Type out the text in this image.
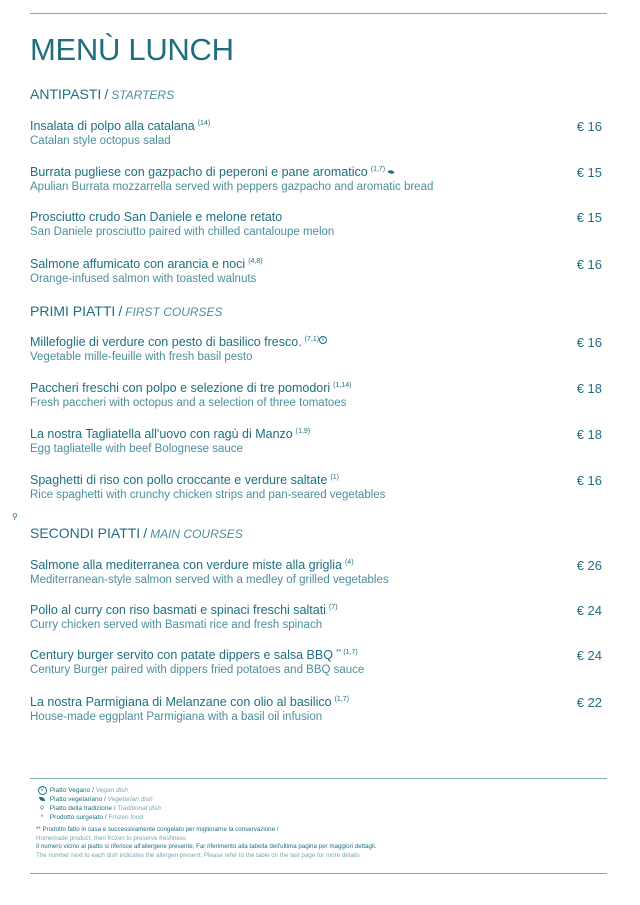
MENÙ LUNCH
ANTIPASTI / STARTERS
Insalata di polpo alla catalana $^{(14)}$
Catalan style octopus salad
€ 16
Burrata pugliese con gazpacho di peperoni e pane aromatico $^{(1,7)}$
Apulian Burrata mozzarrella served with peppers gazpacho and aromatic bread
€ 15
Prosciutto crudo San Daniele e melone retato
San Daniele prosciutto paired with chilled cantaloupe melon
€ 15
Salmone affumicato con arancia e noci $^{(4,8)}$
Orange-infused salmon with toasted walnuts
€ 16
PRIMI PIATTI / FIRST COURSES
Millefoglie di verdure con pesto di basilico fresco. $^{(7,1)}$ V
Vegetable mille-feuille with fresh basil pesto
€ 16
Paccheri freschi con polpo e selezione di tre pomodori $^{(1,14)}$
Fresh paccheri with octopus and a selection of three tomatoes
€ 18
La nostra Tagliatella all'uovo con ragù di Manzo $^{(1,9)}$
Egg tagliatelle with beef Bolognese sauce
€ 18
Spaghetti di riso con pollo croccante e verdure saltate $^{(1)}$
Rice spaghetti with crunchy chicken strips and pan-seared vegetables
€ 16
⚲
SECONDI PIATTI / MAIN COURSES
Salmone alla mediterranea con verdure miste alla griglia $^{(4)}$
Mediterranean-style salmon served with a medley of grilled vegetables
€ 26
Pollo al curry con riso basmati e spinaci freschi saltati $^{(7)}$
Curry chicken served with Basmati rice and fresh spinach
€ 24
Century burger servito con patate dippers e salsa BBQ $^{** (1,7)}$
Century Burger paired with dippers fried potatoes and BBQ sauce
€ 24
La nostra Parmigiana di Melanzane con olio al basilico $^{(1,7)}$
House-made eggplant Parmigiana with a basil oil infusion
€ 22
V Piatto Vegano / Vegan dish
Piatto vegetariano / Vegetarian dish
⚲ Piatto della tradizione / Traditional dish
* Prodotto surgelato / Frozen food
** Prodotto fatto in casa e successivamente congelato per migliorarne la conservazione /
Homemade product, then frozen to preserve freshness
Il numero vicino al piatto si riferisce all'allergene presente, Far riferimento alla tabella dell'ultima pagina per maggiori dettagli.
The number next to each dish indicates the allergen present. Please refer to the table on the last page for more details
